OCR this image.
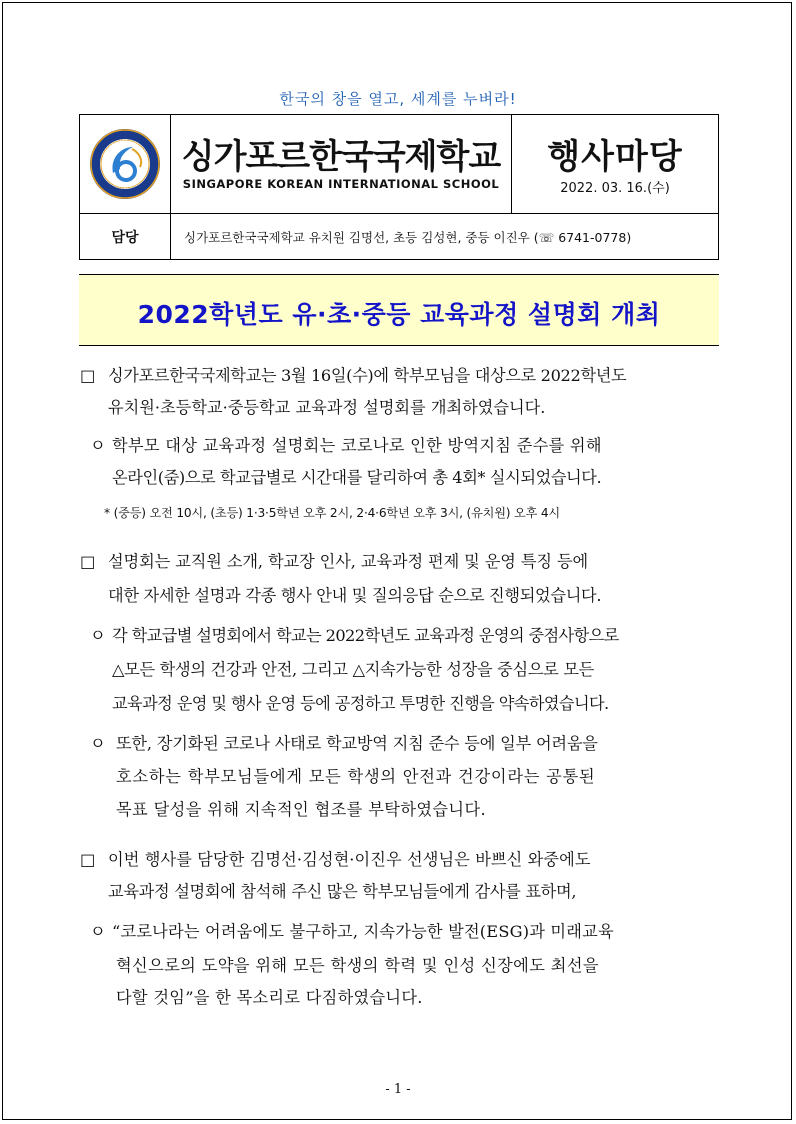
한국의 창을 열고, 세계를 누벼라!
싱가포르한국국제학교
SINGAPORE KOREAN INTERNATIONAL SCHOOL
행사마당
2022. 03. 16.(수)
담당	싱가포르한국국제학교 유치원 김명선, 초등 김성현, 중등 이진우 (☏ 6741-0778)
2022학년도 유·초·중등 교육과정 설명회 개최
□ 싱가포르한국국제학교는 3월 16일(수)에 학부모님을 대상으로 2022학년도
유치원·초등학교·중등학교 교육과정 설명회를 개최하였습니다.
ㅇ 학부모 대상 교육과정 설명회는 코로나로 인한 방역지침 준수를 위해
온라인(줌)으로 학교급별로 시간대를 달리하여 총 4회* 실시되었습니다.
* (중등) 오전 10시, (초등) 1·3·5학년 오후 2시, 2·4·6학년 오후 3시, (유치원) 오후 4시
□ 설명회는 교직원 소개, 학교장 인사, 교육과정 편제 및 운영 특징 등에
대한 자세한 설명과 각종 행사 안내 및 질의응답 순으로 진행되었습니다.
ㅇ 각 학교급별 설명회에서 학교는 2022학년도 교육과정 운영의 중점사항으로
△모든 학생의 건강과 안전, 그리고 △지속가능한 성장을 중심으로 모든
교육과정 운영 및 행사 운영 등에 공정하고 투명한 진행을 약속하였습니다.
ㅇ 또한, 장기화된 코로나 사태로 학교방역 지침 준수 등에 일부 어려움을
호소하는 학부모님들에게 모든 학생의 안전과 건강이라는 공통된
목표 달성을 위해 지속적인 협조를 부탁하였습니다.
□ 이번 행사를 담당한 김명선·김성현·이진우 선생님은 바쁘신 와중에도
교육과정 설명회에 참석해 주신 많은 학부모님들에게 감사를 표하며,
ㅇ “코로나라는 어려움에도 불구하고, 지속가능한 발전(ESG)과 미래교육
혁신으로의 도약을 위해 모든 학생의 학력 및 인성 신장에도 최선을
다할 것임”을 한 목소리로 다짐하였습니다.
- 1 -
